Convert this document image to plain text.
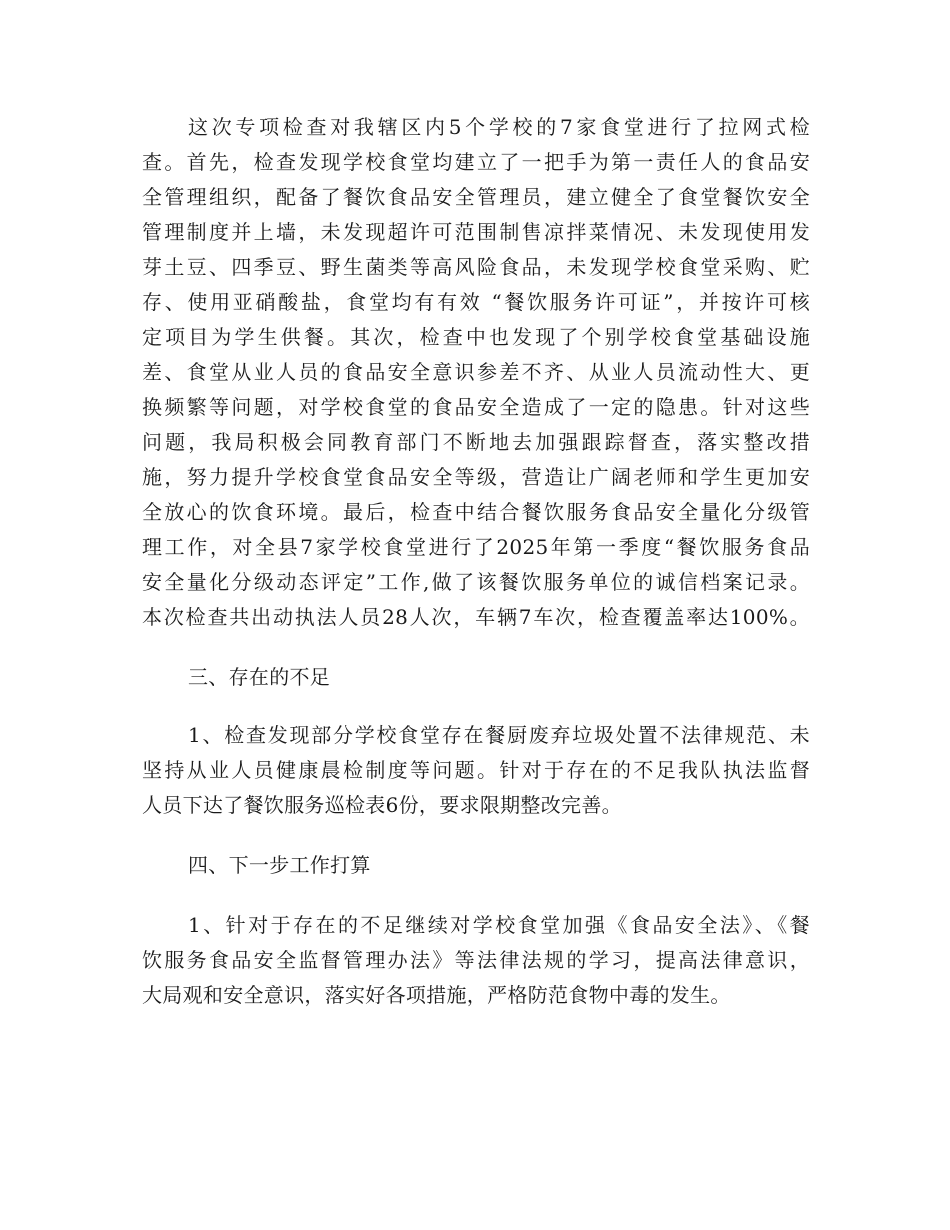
这次专项检查对我辖区内5个学校的7家食堂进行了拉网式检
查。首先，检查发现学校食堂均建立了一把手为第一责任人的食品安
全管理组织，配备了餐饮食品安全管理员，建立健全了食堂餐饮安全
管理制度并上墙，未发现超许可范围制售凉拌菜情况、未发现使用发
芽土豆、四季豆、野生菌类等高风险食品，未发现学校食堂采购、贮
存、使用亚硝酸盐，食堂均有有效 “餐饮服务许可证”，并按许可核
定项目为学生供餐。其次，检查中也发现了个别学校食堂基础设施
差、食堂从业人员的食品安全意识参差不齐、从业人员流动性大、更
换频繁等问题，对学校食堂的食品安全造成了一定的隐患。针对这些
问题，我局积极会同教育部门不断地去加强跟踪督查，落实整改措
施，努力提升学校食堂食品安全等级，营造让广阔老师和学生更加安
全放心的饮食环境。最后，检查中结合餐饮服务食品安全量化分级管
理工作，对全县7家学校食堂进行了2025年第一季度“餐饮服务食品
安全量化分级动态评定”工作,做了该餐饮服务单位的诚信档案记录。
本次检查共出动执法人员28人次，车辆7车次，检查覆盖率达100%。
三、存在的不足
1、检查发现部分学校食堂存在餐厨废弃垃圾处置不法律规范、未
坚持从业人员健康晨检制度等问题。针对于存在的不足我队执法监督
人员下达了餐饮服务巡检表6份，要求限期整改完善。
四、下一步工作打算
1、针对于存在的不足继续对学校食堂加强《食品安全法》、《餐
饮服务食品安全监督管理办法》等法律法规的学习，提高法律意识，
大局观和安全意识，落实好各项措施，严格防范食物中毒的发生。
